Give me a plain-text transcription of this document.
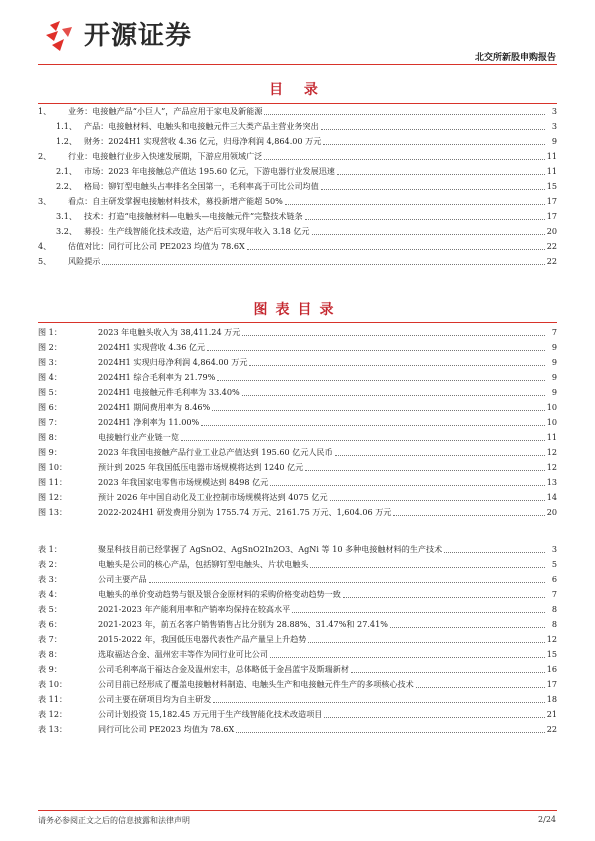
开源证券
北交所新股申购报告
目 录
1、	业务：电接触产品“小巨人”，产品应用于家电及新能源	3
1.1、 产品：电接触材料、电触头和电接触元件三大类产品主营业务突出	3
1.2、 财务：2024H1 实现营收 4.36 亿元，归母净利润 4,864.00 万元	9
2、	行业：电接触行业步入快速发展期，下游应用领域广泛	11
2.1、 市场：2023 年电接触总产值达 195.60 亿元，下游电器行业发展迅速	11
2.2、 格局：铆钉型电触头占率排名全国第一，毛利率高于可比公司均值	15
3、	看点：自主研发掌握电接触材料技术，募投新增产能超 50%	17
3.1、 技术：打造“电接触材料—电触头—电接触元件”完整技术链条	17
3.2、 募投：生产线智能化技术改造，达产后可实现年收入 3.18 亿元	20
4、	估值对比：同行可比公司 PE2023 均值为 78.6X	22
5、	风险提示	22
图表目录
图 1：	2023 年电触头收入为 38,411.24 万元	7
图 2：	2024H1 实现营收 4.36 亿元	9
图 3：	2024H1 实现归母净利润 4,864.00 万元	9
图 4：	2024H1 综合毛利率为 21.79%	9
图 5：	2024H1 电接触元件毛利率为 33.40%	9
图 6：	2024H1 期间费用率为 8.46%	10
图 7：	2024H1 净利率为 11.00%	10
图 8：	电接触行业产业链一览	11
图 9：	2023 年我国电接触产品行业工业总产值达到 195.60 亿元人民币	12
图 10：	预计到 2025 年我国低压电器市场规模将达到 1240 亿元	12
图 11：	2023 年我国家电零售市场规模达到 8498 亿元	13
图 12：	预计 2026 年中国自动化及工业控制市场规模将达到 4075 亿元	14
图 13：	2022-2024H1 研发费用分别为 1755.74 万元、2161.75 万元、1,604.06 万元	20
表 1：	聚星科技目前已经掌握了 AgSnO2、AgSnO2In2O3、AgNi 等 10 多种电接触材料的生产技术	3
表 2：	电触头是公司的核心产品，包括铆钉型电触头、片状电触头	5
表 3：	公司主要产品	6
表 4：	电触头的单价变动趋势与银及银合金原材料的采购价格变动趋势一致	7
表 5：	2021-2023 年产能利用率和产销率均保持在较高水平	8
表 6：	2021-2023 年，前五名客户销售销售占比分别为 28.88%、31.47%和 27.41%	8
表 7：	2015-2022 年，我国低压电器代表性产品产量呈上升趋势	12
表 8：	选取福达合金、温州宏丰等作为同行业可比公司	15
表 9：	公司毛利率高于福达合金及温州宏丰，总体略低于金昌蓝宇及斯瑞新材	16
表 10：	公司目前已经形成了覆盖电接触材料制造、电触头生产和电接触元件生产的多项核心技术	17
表 11：	公司主要在研项目均为自主研发	18
表 12：	公司计划投资 15,182.45 万元用于生产线智能化技术改造项目	21
表 13：	同行可比公司 PE2023 均值为 78.6X	22
请务必参阅正文之后的信息披露和法律声明	2/24
